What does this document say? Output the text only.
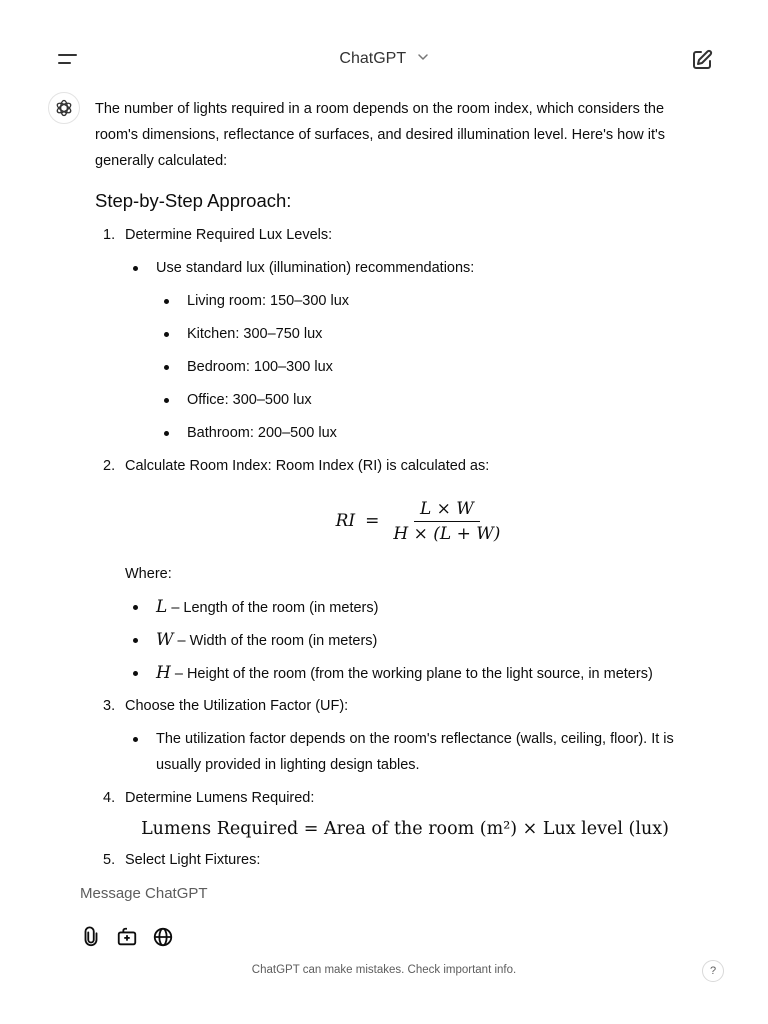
ChatGPT

The number of lights required in a room depends on the room index, which considers the room's dimensions, reflectance of surfaces, and desired illumination level. Here's how it's generally calculated:

Step-by-Step Approach:
1. Determine Required Lux Levels:
Use standard lux (illumination) recommendations:
Living room: 150–300 lux
Kitchen: 300–750 lux
Bedroom: 100–300 lux
Office: 300–500 lux
Bathroom: 200–500 lux
2. Calculate Room Index: Room Index (RI) is calculated as:
RI = $\frac{L \times W}{H \times (L + W)}$
Where:
L – Length of the room (in meters)
W – Width of the room (in meters)
H – Height of the room (from the working plane to the light source, in meters)
3. Choose the Utilization Factor (UF):
The utilization factor depends on the room's reflectance (walls, ceiling, floor). It is usually provided in lighting design tables.
4. Determine Lumens Required:
Lumens Required = Area of the room (m²) × Lux level (lux)
5. Select Light Fixtures:
Message ChatGPT
ChatGPT can make mistakes. Check important info.	?
